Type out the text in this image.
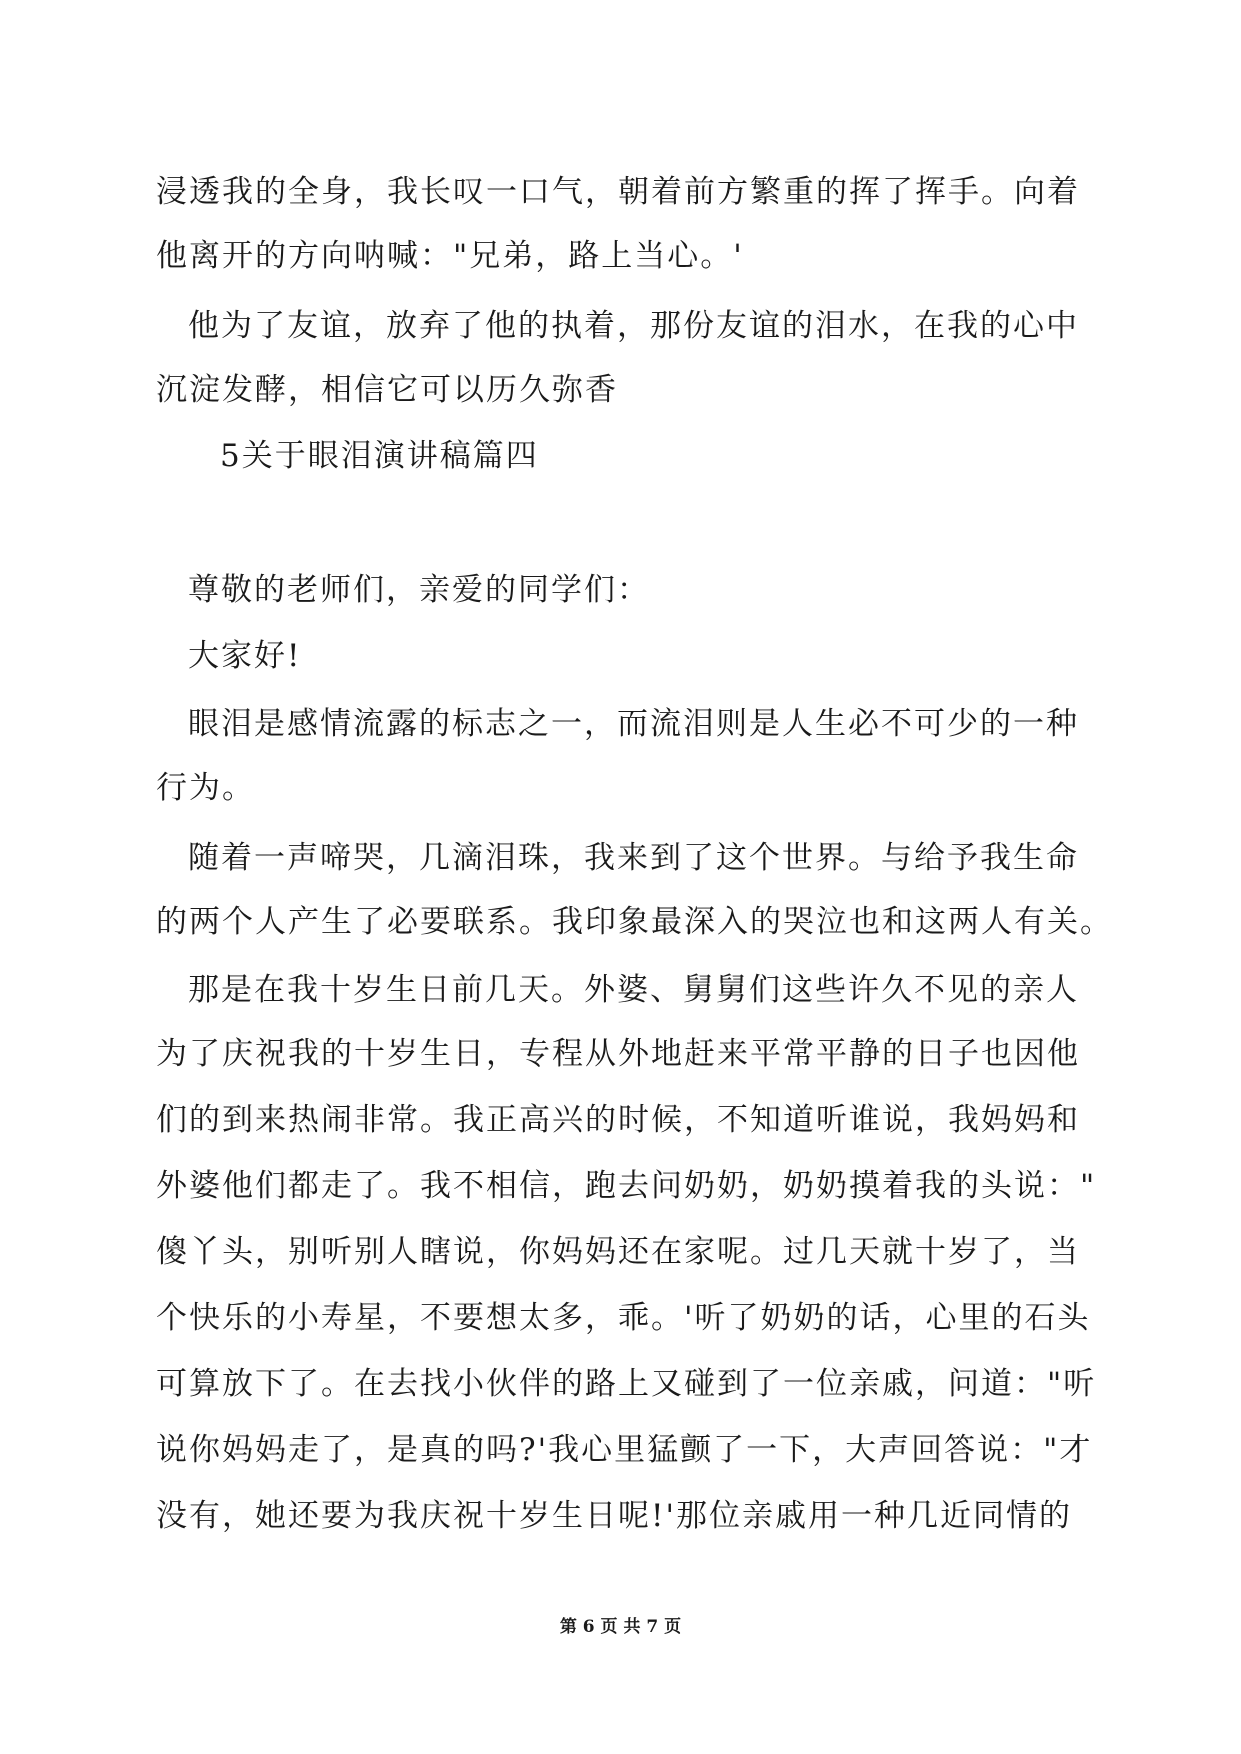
浸透我的全身，我长叹一口气，朝着前方繁重的挥了挥手。向着
他离开的方向呐喊："兄弟，路上当心。'
他为了友谊，放弃了他的执着，那份友谊的泪水，在我的心中
沉淀发酵，相信它可以历久弥香
5关于眼泪演讲稿篇四
尊敬的老师们，亲爱的同学们：
大家好!
眼泪是感情流露的标志之一，而流泪则是人生必不可少的一种
行为。
随着一声啼哭，几滴泪珠，我来到了这个世界。与给予我生命
的两个人产生了必要联系。我印象最深入的哭泣也和这两人有关。
那是在我十岁生日前几天。外婆、舅舅们这些许久不见的亲人
为了庆祝我的十岁生日，专程从外地赶来平常平静的日子也因他
们的到来热闹非常。我正高兴的时候，不知道听谁说，我妈妈和
外婆他们都走了。我不相信，跑去问奶奶，奶奶摸着我的头说："
傻丫头，别听别人瞎说，你妈妈还在家呢。过几天就十岁了，当
个快乐的小寿星，不要想太多，乖。'听了奶奶的话，心里的石头
可算放下了。在去找小伙伴的路上又碰到了一位亲戚，问道："听
说你妈妈走了，是真的吗?'我心里猛颤了一下，大声回答说："才
没有，她还要为我庆祝十岁生日呢!'那位亲戚用一种几近同情的
第 6 页 共 7 页
